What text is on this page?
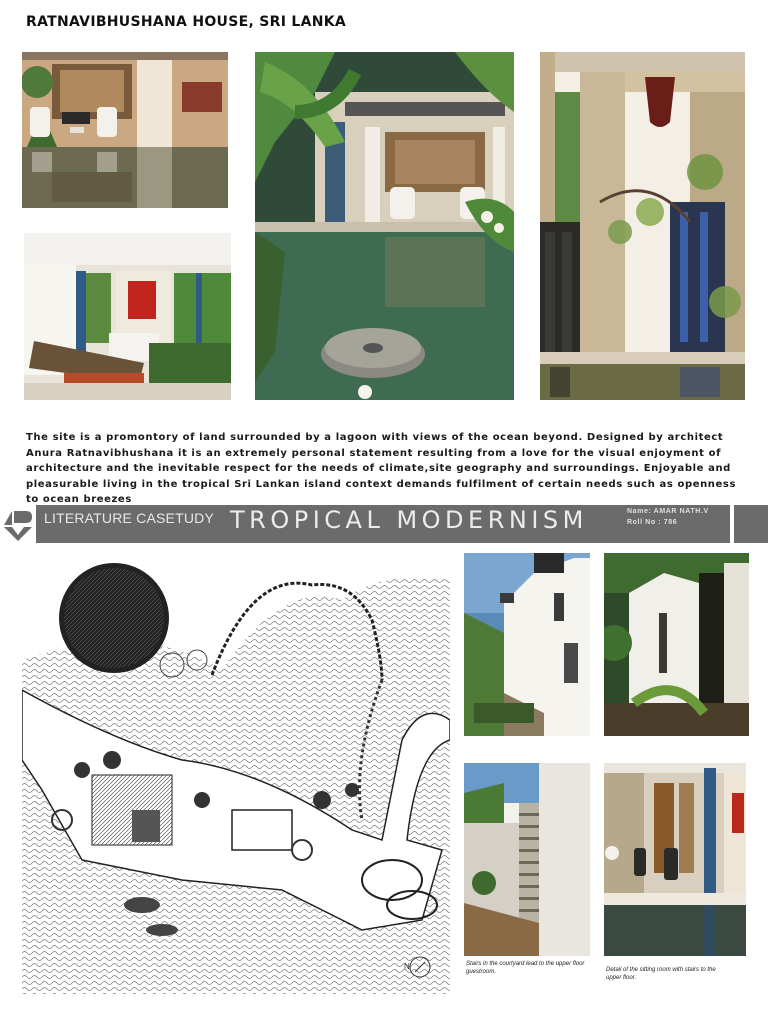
RATNAVIBHUSHANA HOUSE, SRI LANKA
The site is a promontory of land surrounded by a lagoon with views of the ocean beyond. Designed by architect Anura Ratnavibhushana it is an extremely personal statement resulting from a love for the visual enjoyment of architecture and the inevitable respect for the needs of climate,site geography and surroundings. Enjoyable and pleasurable living in the tropical Sri Lankan island context demands fulfilment of certain needs such as openness to ocean breezes
LITERATURE CASETUDY TROPICAL MODERNISM	Name: AMAR NATH.V
Roll No : 786
N	Stairs in the courtyard lead to the upper floor guestroom.	Detail of the sitting room with stairs to the upper floor.
